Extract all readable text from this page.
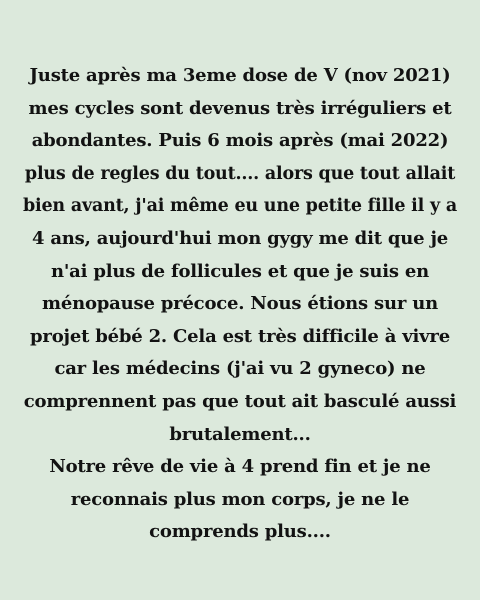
Juste après ma 3eme dose de V (nov 2021)
mes cycles sont devenus très irréguliers et
abondantes. Puis 6 mois après (mai 2022)
plus de regles du tout.... alors que tout allait
bien avant, j'ai même eu une petite fille il y a
4 ans, aujourd'hui mon gygy me dit que je
n'ai plus de follicules et que je suis en
ménopause précoce. Nous étions sur un
projet bébé 2. Cela est très difficile à vivre
car les médecins (j'ai vu 2 gyneco) ne
comprennent pas que tout ait basculé aussi
brutalement...
Notre rêve de vie à 4 prend fin et je ne
reconnais plus mon corps, je ne le
comprends plus....
